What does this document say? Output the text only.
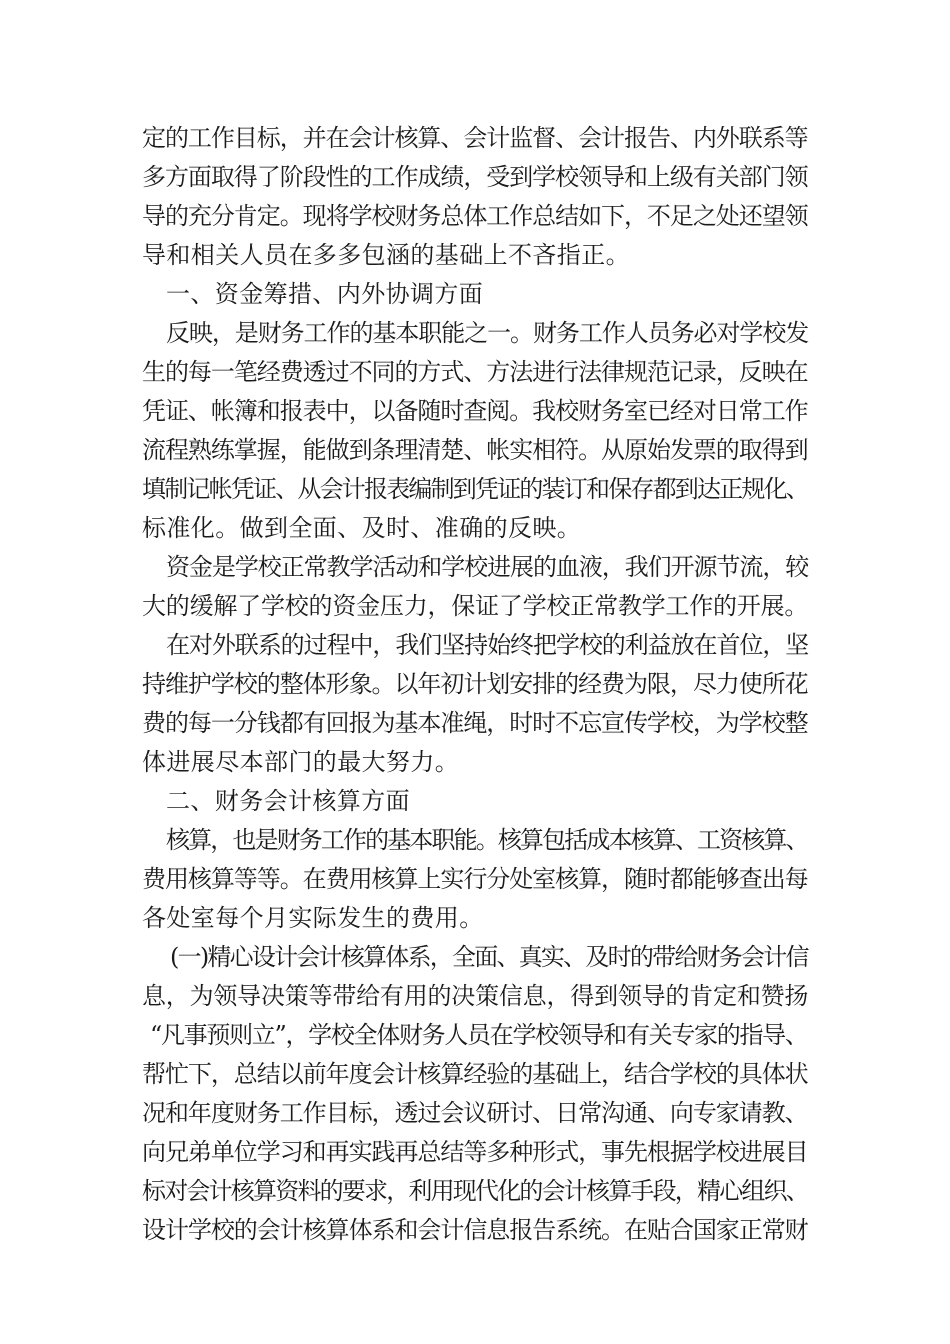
定的工作目标，并在会计核算、会计监督、会计报告、内外联系等
多方面取得了阶段性的工作成绩，受到学校领导和上级有关部门领
导的充分肯定。现将学校财务总体工作总结如下，不足之处还望领
导和相关人员在多多包涵的基础上不吝指正。
一、资金筹措、内外协调方面
反映，是财务工作的基本职能之一。财务工作人员务必对学校发
生的每一笔经费透过不同的方式、方法进行法律规范记录，反映在
凭证、帐簿和报表中，以备随时查阅。我校财务室已经对日常工作
流程熟练掌握，能做到条理清楚、帐实相符。从原始发票的取得到
填制记帐凭证、从会计报表编制到凭证的装订和保存都到达正规化、
标准化。做到全面、及时、准确的反映。
资金是学校正常教学活动和学校进展的血液，我们开源节流，较
大的缓解了学校的资金压力，保证了学校正常教学工作的开展。
在对外联系的过程中，我们坚持始终把学校的利益放在首位，坚
持维护学校的整体形象。以年初计划安排的经费为限，尽力使所花
费的每一分钱都有回报为基本准绳，时时不忘宣传学校，为学校整
体进展尽本部门的最大努力。
二、财务会计核算方面
核算，也是财务工作的基本职能。核算包括成本核算、工资核算、
费用核算等等。在费用核算上实行分处室核算，随时都能够查出每
各处室每个月实际发生的费用。
(一)精心设计会计核算体系，全面、真实、及时的带给财务会计信
息，为领导决策等带给有用的决策信息，得到领导的肯定和赞扬
“凡事预则立”，学校全体财务人员在学校领导和有关专家的指导、
帮忙下，总结以前年度会计核算经验的基础上，结合学校的具体状
况和年度财务工作目标，透过会议研讨、日常沟通、向专家请教、
向兄弟单位学习和再实践再总结等多种形式，事先根据学校进展目
标对会计核算资料的要求，利用现代化的会计核算手段，精心组织、
设计学校的会计核算体系和会计信息报告系统。在贴合国家正常财
